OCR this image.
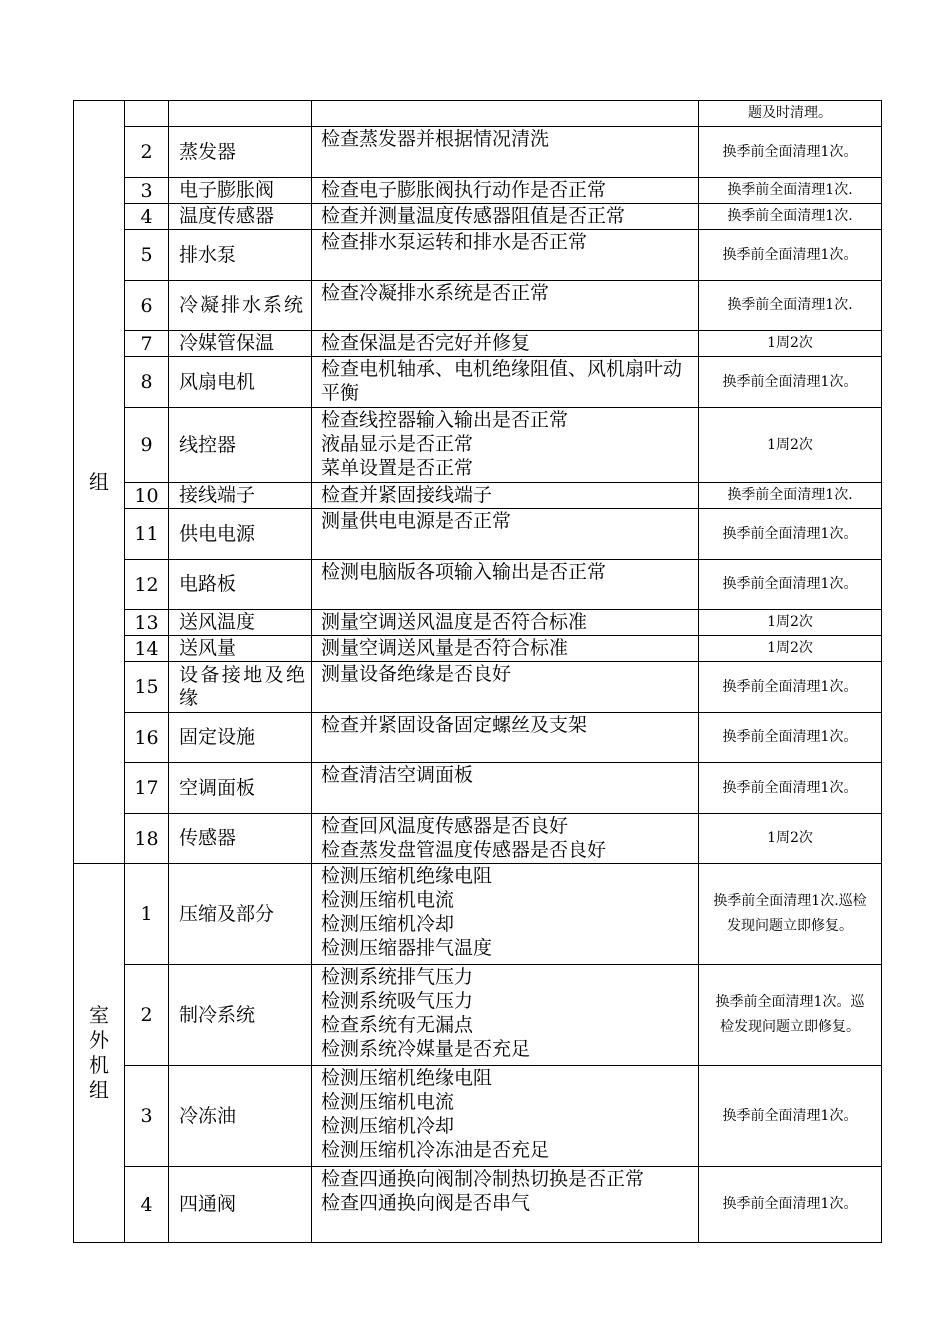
组				题及时清理。
	2	蒸发器	检查蒸发器并根据情况清洗	换季前全面清理1次。
	3	电子膨胀阀	检查电子膨胀阀执行动作是否正常	换季前全面清理1次.
	4	温度传感器	检查并测量温度传感器阻值是否正常	换季前全面清理1次.
	5	排水泵	检查排水泵运转和排水是否正常	换季前全面清理1次。
	6	冷凝排水系统	检查冷凝排水系统是否正常	换季前全面清理1次.
	7	冷媒管保温	检查保温是否完好并修复	1周2次
	8	风扇电机	检查电机轴承、电机绝缘阻值、风机扇叶动平衡	换季前全面清理1次。
	9	线控器	检查线控器输入输出是否正常
液晶显示是否正常
菜单设置是否正常	1周2次
	10	接线端子	检查并紧固接线端子	换季前全面清理1次.
	11	供电电源	测量供电电源是否正常	换季前全面清理1次。
	12	电路板	检测电脑版各项输入输出是否正常	换季前全面清理1次。
	13	送风温度	测量空调送风温度是否符合标准	1周2次
	14	送风量	测量空调送风量是否符合标准	1周2次
	15	设备接地及绝缘	测量设备绝缘是否良好	换季前全面清理1次。
	16	固定设施	检查并紧固设备固定螺丝及支架	换季前全面清理1次。
	17	空调面板	检查清洁空调面板	换季前全面清理1次。
	18	传感器	检查回风温度传感器是否良好
检查蒸发盘管温度传感器是否良好	1周2次
室外机组	1	压缩及部分	检测压缩机绝缘电阻
检测压缩机电流
检测压缩机冷却
检测压缩器排气温度	换季前全面清理1次.巡检发现问题立即修复。
	2	制冷系统	检测系统排气压力
检测系统吸气压力
检查系统有无漏点
检测系统冷媒量是否充足	换季前全面清理1次。巡检发现问题立即修复。
	3	冷冻油	检测压缩机绝缘电阻
检测压缩机电流
检测压缩机冷却
检测压缩机冷冻油是否充足	换季前全面清理1次。
	4	四通阀	检查四通换向阀制冷制热切换是否正常
检查四通换向阀是否串气	换季前全面清理1次。
